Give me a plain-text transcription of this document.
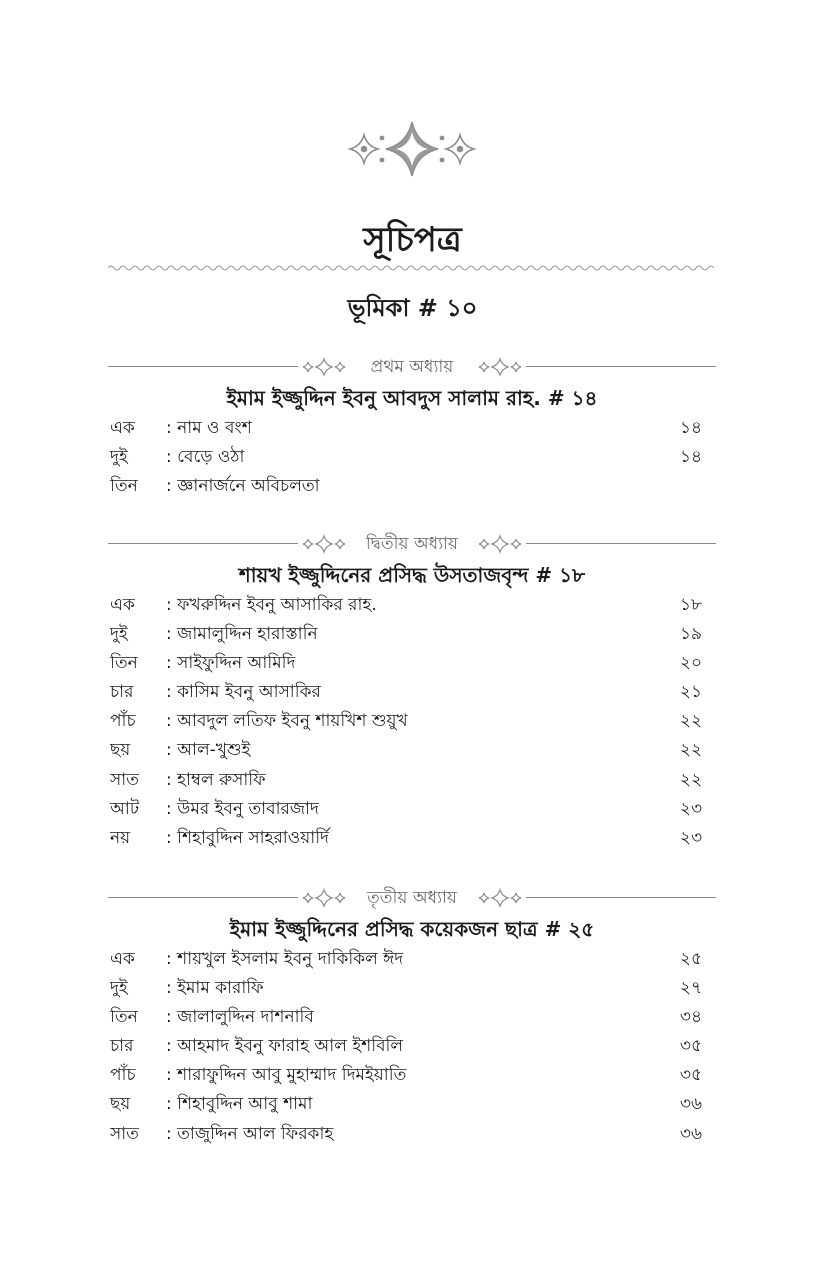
সূচিপত্র
ভূমিকা # ১০
প্রথম অধ্যায়
ইমাম ইজ্জুদ্দিন ইবনু আবদুস সালাম রাহ. # ১৪
এক : নাম ও বংশ	১৪
দুই : বেড়ে ওঠা	১৪
তিন : জ্ঞানার্জনে অবিচলতা
দ্বিতীয় অধ্যায়
শায়খ ইজ্জুদ্দিনের প্রসিদ্ধ উসতাজবৃন্দ # ১৮
এক : ফখরুদ্দিন ইবনু আসাকির রাহ.	১৮
দুই : জামালুদ্দিন হারাস্তানি	১৯
তিন : সাইফুদ্দিন আমিদি	২০
চার : কাসিম ইবনু আসাকির	২১
পাঁচ : আবদুল লতিফ ইবনু শায়খিশ শুয়ুখ	২২
ছয় : আল-খুশুই	২২
সাত : হাম্বল রুসাফি	২২
আট : উমর ইবনু তাবারজাদ	২৩
নয় : শিহাবুদ্দিন সাহরাওয়ার্দি	২৩
তৃতীয় অধ্যায়
ইমাম ইজ্জুদ্দিনের প্রসিদ্ধ কয়েকজন ছাত্র # ২৫
এক : শায়খুল ইসলাম ইবনু দাকিকিল ঈদ	২৫
দুই : ইমাম কারাফি	২৭
তিন : জালালুদ্দিন দাশনাবি	৩৪
চার : আহমাদ ইবনু ফারাহ আল ইশবিলি	৩৫
পাঁচ : শারাফুদ্দিন আবু মুহাম্মাদ দিমইয়াতি	৩৫
ছয় : শিহাবুদ্দিন আবু শামা	৩৬
সাত : তাজুদ্দিন আল ফিরকাহ	৩৬
